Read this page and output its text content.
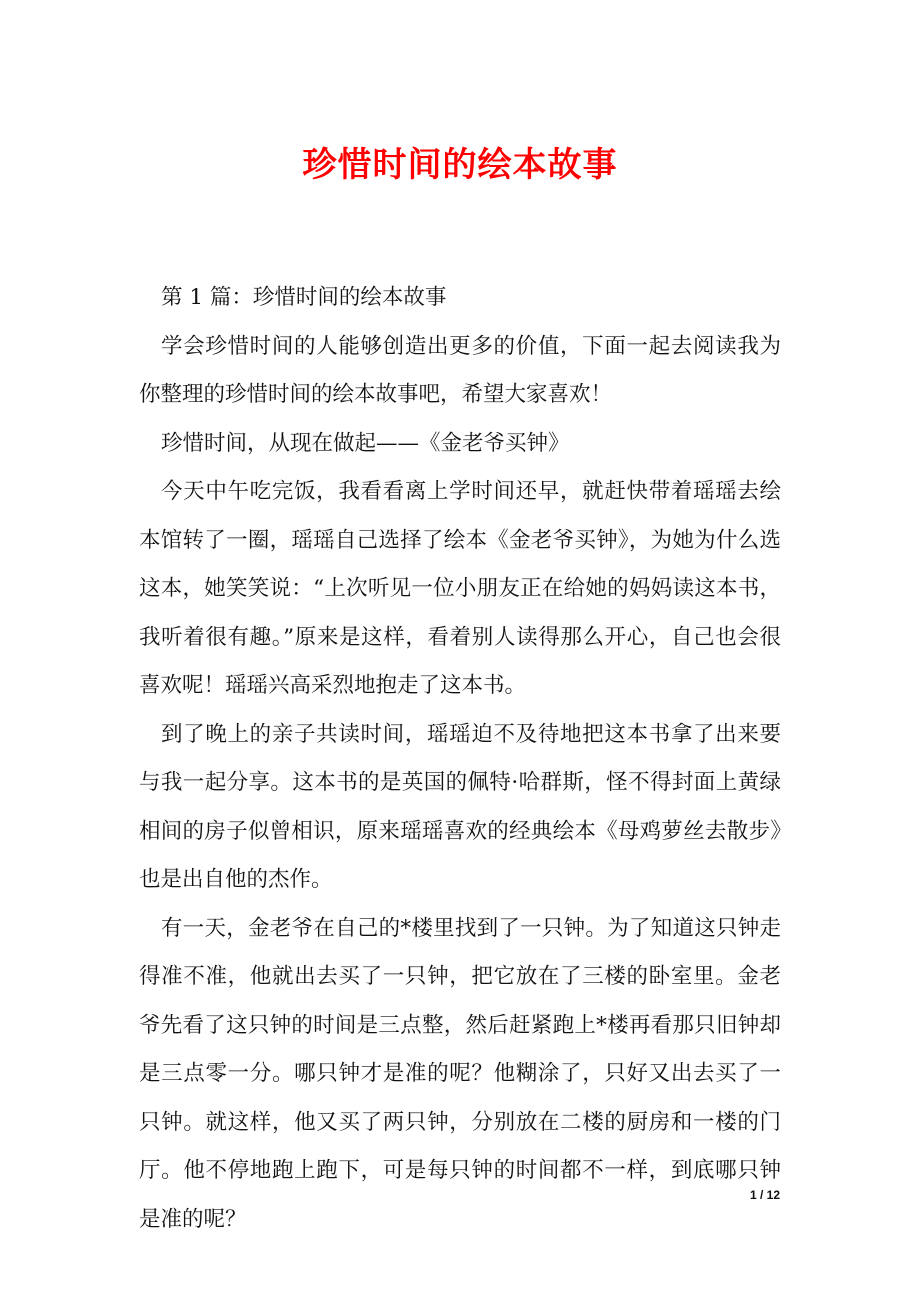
珍惜时间的绘本故事

第 1 篇：珍惜时间的绘本故事

学会珍惜时间的人能够创造出更多的价值，下面一起去阅读我为你整理的珍惜时间的绘本故事吧，希望大家喜欢！

珍惜时间，从现在做起——《金老爷买钟》

今天中午吃完饭，我看看离上学时间还早，就赶快带着瑶瑶去绘本馆转了一圈，瑶瑶自己选择了绘本《金老爷买钟》，为她为什么选这本，她笑笑说：“上次听见一位小朋友正在给她的妈妈读这本书，我听着很有趣。”原来是这样，看着别人读得那么开心，自己也会很喜欢呢！瑶瑶兴高采烈地抱走了这本书。

到了晚上的亲子共读时间，瑶瑶迫不及待地把这本书拿了出来要与我一起分享。这本书的是英国的佩特·哈群斯，怪不得封面上黄绿相间的房子似曾相识，原来瑶瑶喜欢的经典绘本《母鸡萝丝去散步》也是出自他的杰作。

有一天，金老爷在自己的*楼里找到了一只钟。为了知道这只钟走得准不准，他就出去买了一只钟，把它放在了三楼的卧室里。金老爷先看了这只钟的时间是三点整，然后赶紧跑上*楼再看那只旧钟却是三点零一分。哪只钟才是准的呢？他糊涂了，只好又出去买了一只钟。就这样，他又买了两只钟，分别放在二楼的厨房和一楼的门厅。他不停地跑上跑下，可是每只钟的时间都不一样，到底哪只钟是准的呢？

1 / 12
